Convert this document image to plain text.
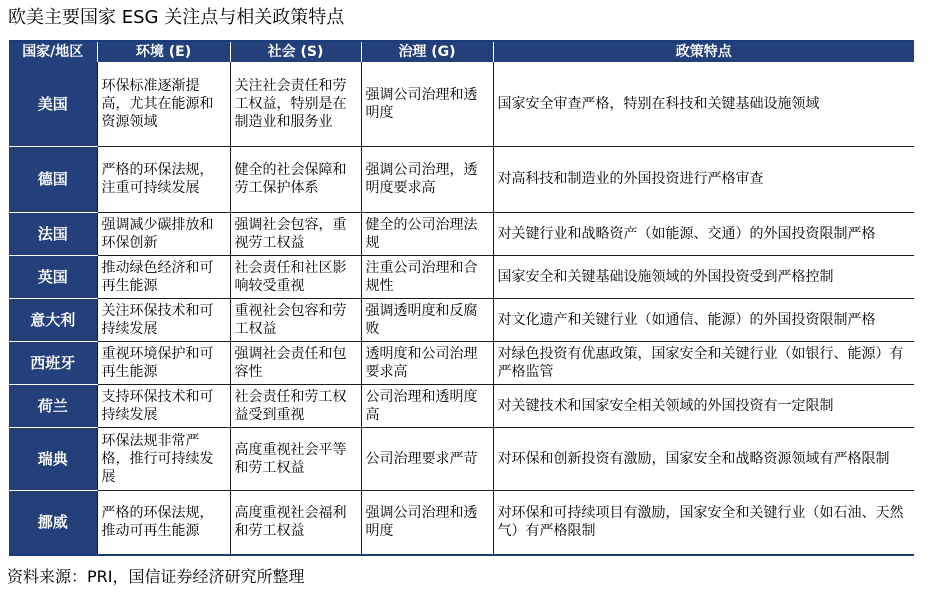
欧美主要国家 ESG 关注点与相关政策特点
国家/地区	环境 (E)	社会 (S)	治理 (G)	政策特点
美国	环保标准逐渐提高，尤其在能源和资源领域	关注社会责任和劳工权益，特别是在制造业和服务业	强调公司治理和透明度	国家安全审查严格，特别在科技和关键基础设施领域
德国	严格的环保法规，注重可持续发展	健全的社会保障和劳工保护体系	强调公司治理，透明度要求高	对高科技和制造业的外国投资进行严格审查
法国	强调减少碳排放和环保创新	强调社会包容，重视劳工权益	健全的公司治理法规	对关键行业和战略资产（如能源、交通）的外国投资限制严格
英国	推动绿色经济和可再生能源	社会责任和社区影响较受重视	注重公司治理和合规性	国家安全和关键基础设施领域的外国投资受到严格控制
意大利	关注环保技术和可持续发展	重视社会包容和劳工权益	强调透明度和反腐败	对文化遗产和关键行业（如通信、能源）的外国投资限制严格
西班牙	重视环境保护和可再生能源	强调社会责任和包容性	透明度和公司治理要求高	对绿色投资有优惠政策，国家安全和关键行业（如银行、能源）有严格监管
荷兰	支持环保技术和可持续发展	社会责任和劳工权益受到重视	公司治理和透明度高	对关键技术和国家安全相关领域的外国投资有一定限制
瑞典	环保法规非常严格，推行可持续发展	高度重视社会平等和劳工权益	公司治理要求严苛	对环保和创新投资有激励，国家安全和战略资源领域有严格限制
挪威	严格的环保法规，推动可再生能源	高度重视社会福利和劳工权益	强调公司治理和透明度	对环保和可持续项目有激励，国家安全和关键行业（如石油、天然气）有严格限制
资料来源：PRI，国信证券经济研究所整理
